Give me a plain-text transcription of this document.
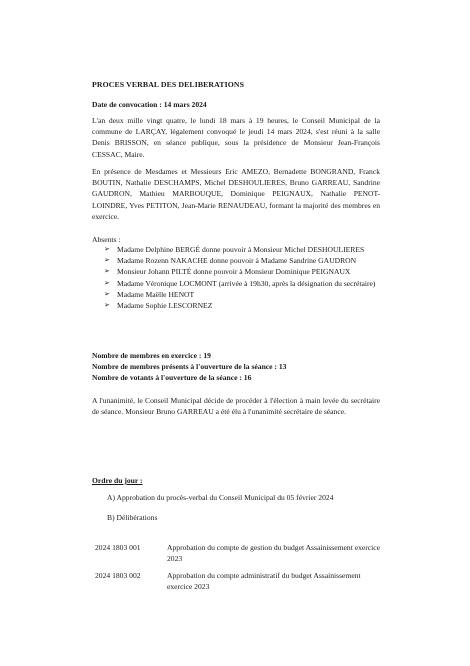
PROCES VERBAL DES DELIBERATIONS
Date de convocation : 14 mars 2024
L'an deux mille vingt quatre, le lundi 18 mars à 19 heures, le Conseil Municipal de la commune de LARÇAY, légalement convoqué le jeudi 14 mars 2024, s'est réuni à la salle Denis BRISSON, en séance publique, sous la présidence de Monsieur Jean-François CESSAC, Maire.
En présence de Mesdames et Messieurs Eric AMEZO, Bernadette BONGRAND, Franck BOUTIN, Nathalie DESCHAMPS, Michel DESHOULIERES, Bruno GARREAU, Sandrine GAUDRON, Mathieu MARBOUQUE, Dominique PEIGNAUX, Nathalie PENOT-LOINDRE, Yves PETITON, Jean-Marie RENAUDEAU, formant la majorité des membres en exercice.
Absents :
➢ Madame Delphine BERGÉ donne pouvoir à Monsieur Michel DESHOULIERES
➢ Madame Rozenn NAKACHE donne pouvoir à Madame Sandrine GAUDRON
➢ Monsieur Johann PILTÉ donne pouvoir à Monsieur Dominique PEIGNAUX
➢ Madame Véronique LOCMONT (arrivée à 19h30, après la désignation du secrétaire)
➢ Madame Maëlle HENOT
➢ Madame Sophie LESCORNEZ
Nombre de membres en exercice : 19
Nombre de membres présents à l'ouverture de la séance : 13
Nombre de votants à l'ouverture de la séance : 16
A l'unanimité, le Conseil Municipal décide de procéder à l'élection à main levée du secrétaire de séance. Monsieur Bruno GARREAU a été élu à l'unanimité secrétaire de séance.
Ordre du jour :
A) Approbation du procès-verbal du Conseil Municipal du 05 février 2024
B) Délibérations
2024 1803 001	Approbation du compte de gestion du budget Assainissement exercice 2023
2024 1803 002	Approbation du compte administratif du budget Assainissement exercice 2023
